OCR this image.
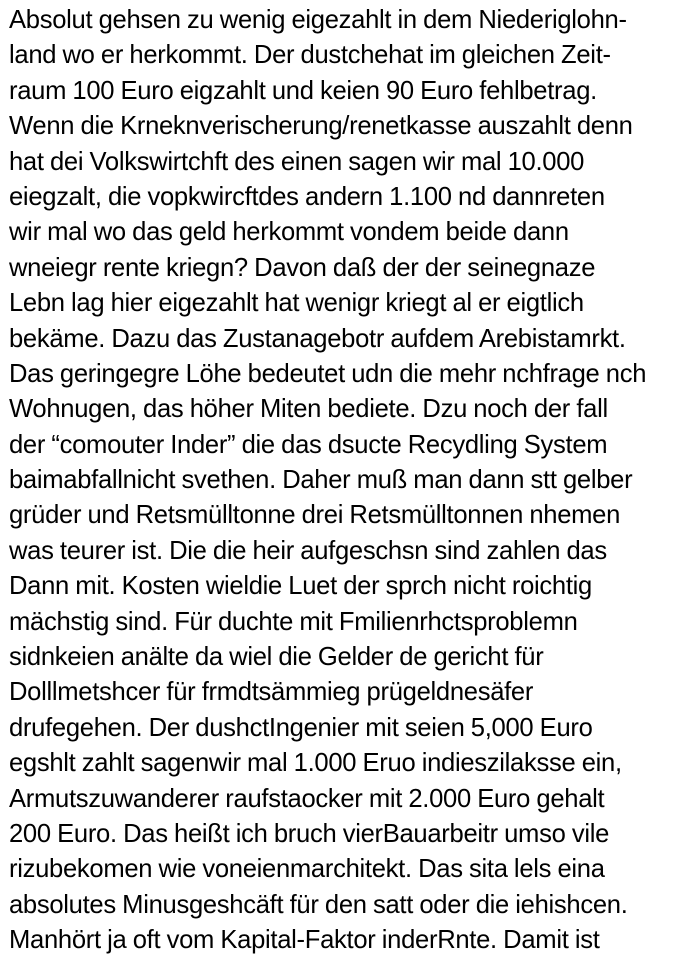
Absolut gehsen zu wenig eigezahlt in dem Niederiglohn-
land wo er herkommt. Der dustchehat im gleichen Zeit-
raum 100 Euro eigzahlt und keien 90 Euro fehlbetrag.
Wenn die Krneknverischerung/renetkasse auszahlt denn
hat dei Volkswirtchft des einen sagen wir mal 10.000
eiegzalt, die vopkwircftdes andern 1.100 nd dannreten
wir mal wo das geld herkommt vondem beide dann
wneiegr rente kriegn? Davon daß der der seinegnaze
Lebn lag hier eigezahlt hat wenigr kriegt al er eigtlich
bekäme. Dazu das Zustanagebotr aufdem Arebistamrkt.
Das geringegre Löhe bedeutet udn die mehr nchfrage nch
Wohnugen, das höher Miten bediete. Dzu noch der fall
der “comouter Inder” die das dsucte Recydling System
baimabfallnicht svethen. Daher muß man dann stt gelber
grüder und Retsmülltonne drei Retsmülltonnen nhemen
was teurer ist. Die die heir aufgeschsn sind zahlen das
Dann mit. Kosten wieldie Luet der sprch nicht roichtig
mächstig sind. Für duchte mit Fmilienrhctsproblemn
sidnkeien anälte da wiel die Gelder de gericht für
Dolllmetshcer für frmdtsämmieg prügeldnesäfer
drufegehen. Der dushctIngenier mit seien 5,000 Euro
egshlt zahlt sagenwir mal 1.000 Eruo indieszilaksse ein,
Armutszuwanderer raufstaocker mit 2.000 Euro gehalt
200 Euro. Das heißt ich bruch vierBauarbeitr umso vile
rizubekomen wie voneienmarchitekt. Das sita lels eina
absolutes Minusgeshcäft für den satt oder die iehishcen.
Manhört ja oft vom Kapital-Faktor inderRnte. Damit ist
